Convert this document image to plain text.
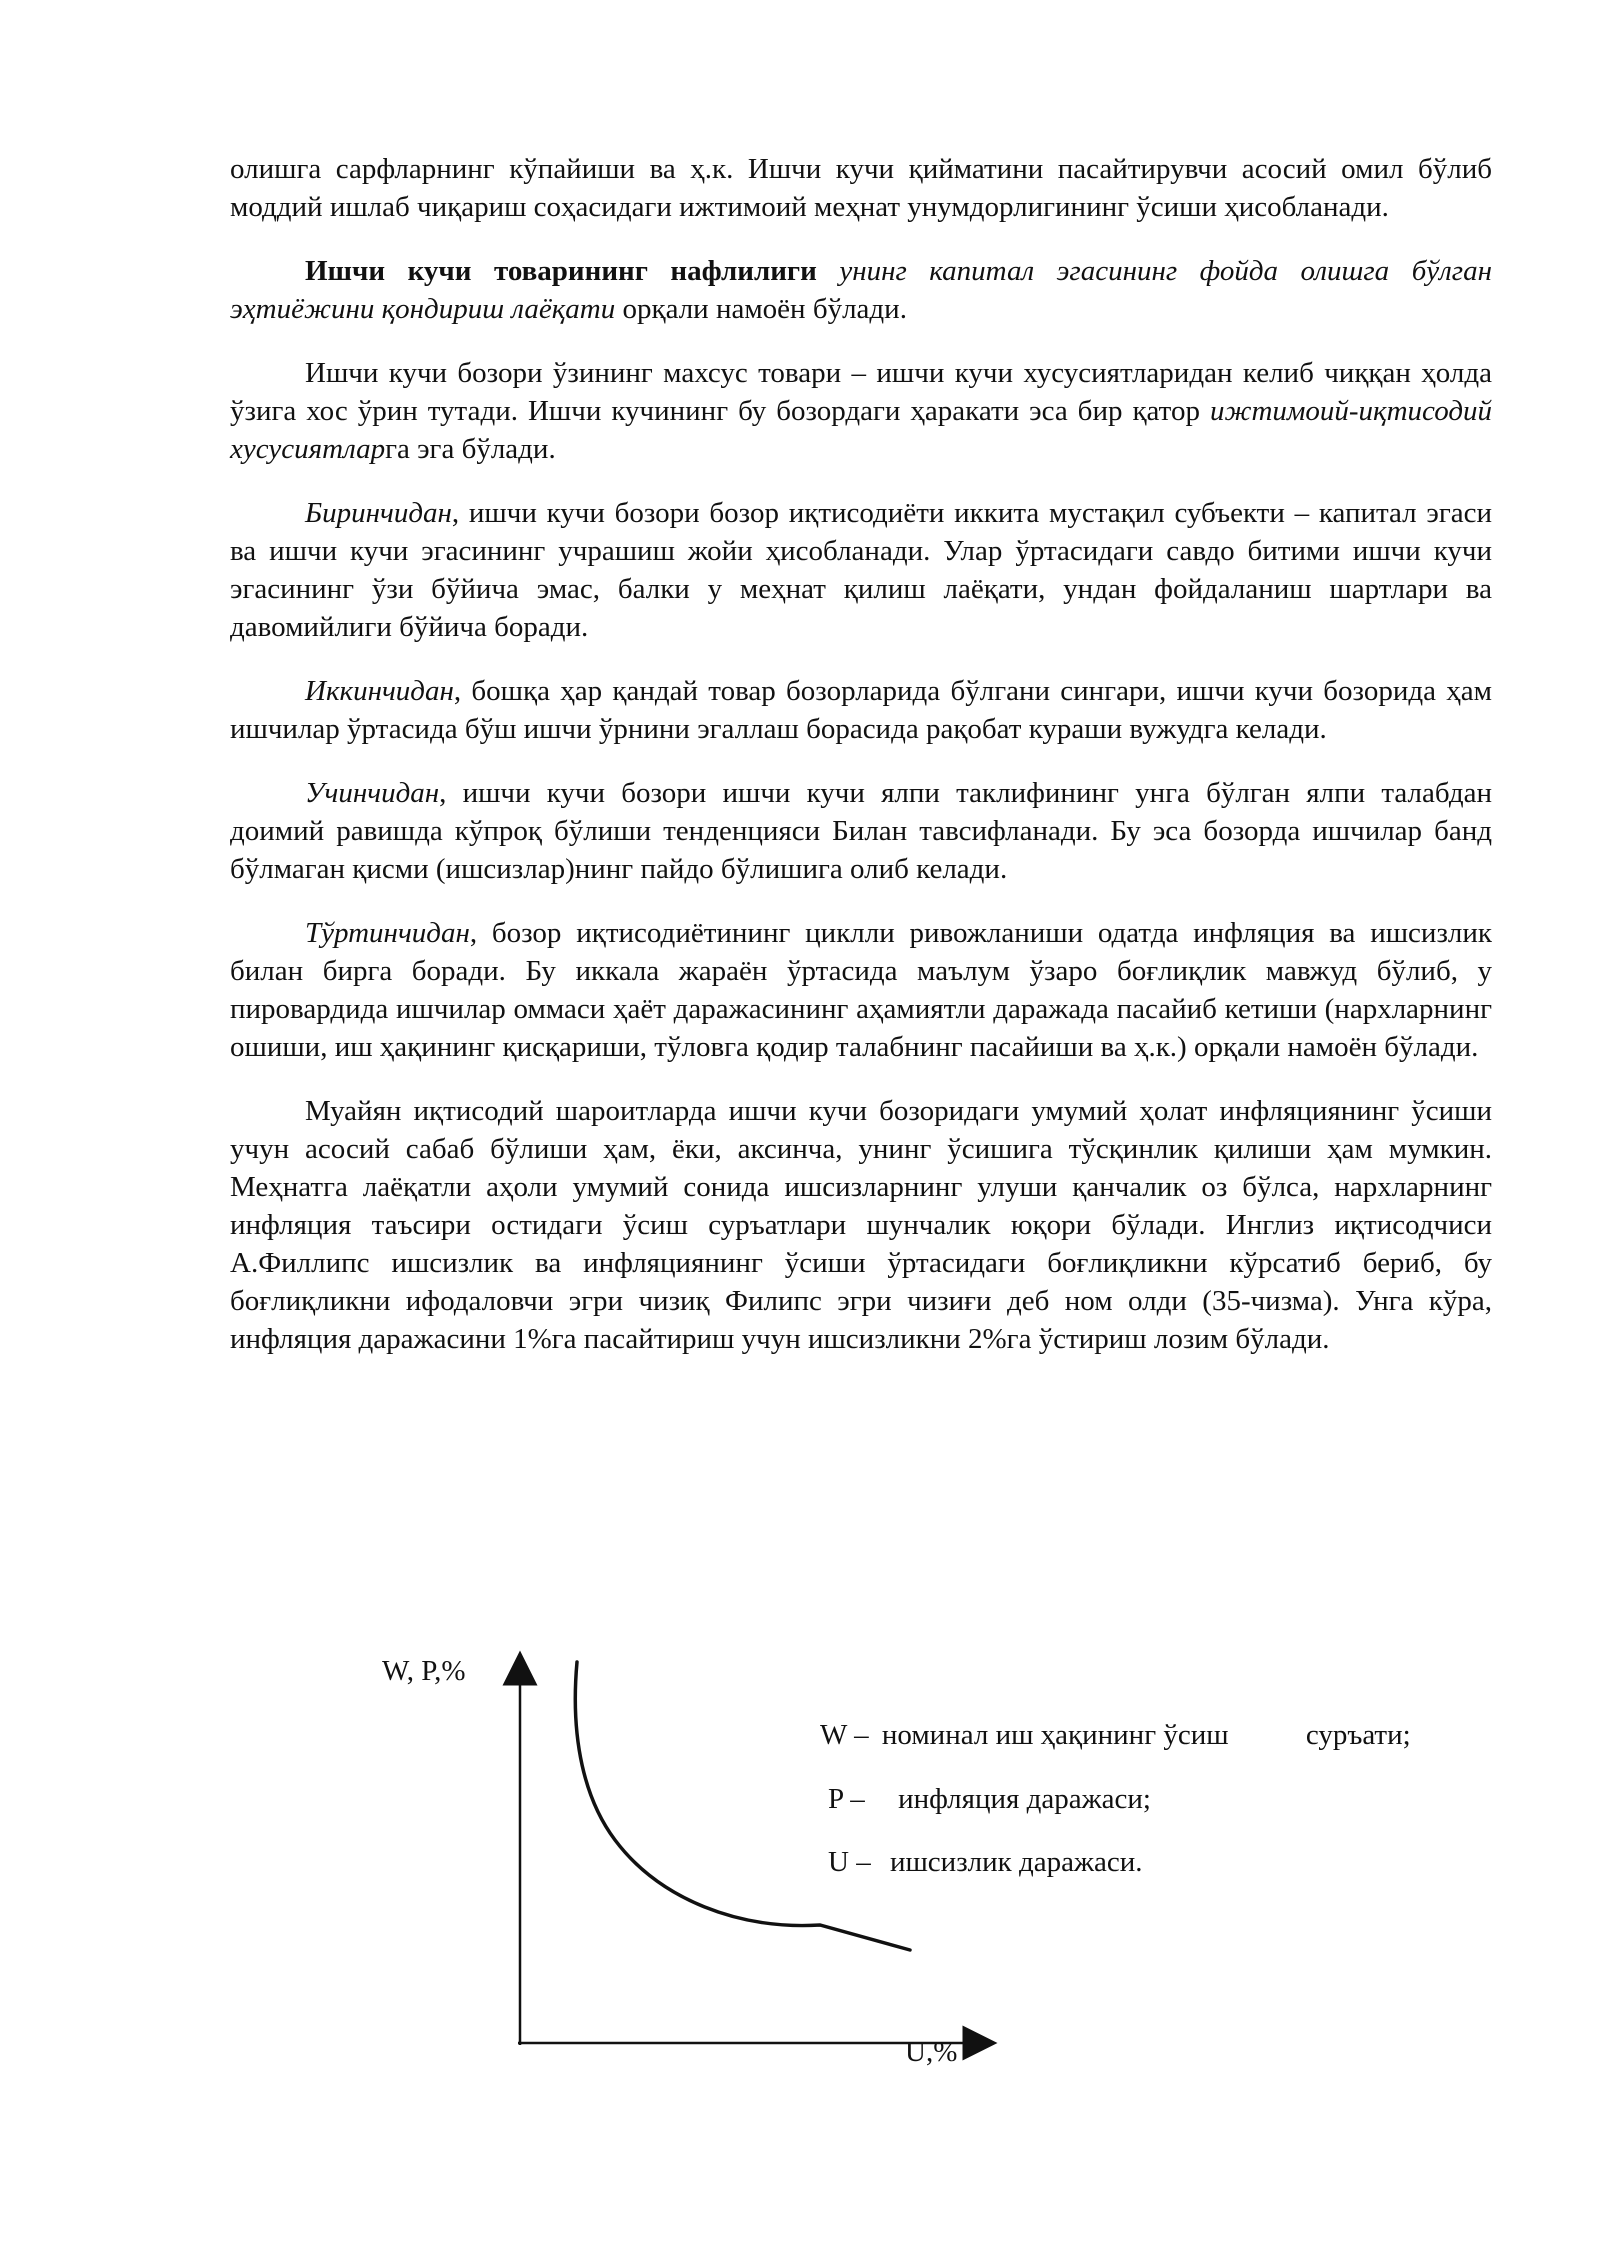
олишга сарфларнинг кўпайиши ва ҳ.к. Ишчи кучи қийматини пасайтирувчи асосий омил бўлиб моддий ишлаб чиқариш соҳасидаги ижтимоий меҳнат унумдорлигининг ўсиши ҳисобланади.

Ишчи кучи товарининг нафлилиги унинг капитал эгасининг фойда олишга бўлган эҳтиёжини қондириш лаёқати орқали намоён бўлади.

Ишчи кучи бозори ўзининг махсус товари – ишчи кучи хусусиятларидан келиб чиққан ҳолда ўзига хос ўрин тутади. Ишчи кучининг бу бозордаги ҳаракати эса бир қатор ижтимоий-иқтисодий хусусиятларга эга бўлади.

Биринчидан, ишчи кучи бозори бозор иқтисодиёти иккита мустақил субъекти – капитал эгаси ва ишчи кучи эгасининг учрашиш жойи ҳисобланади. Улар ўртасидаги савдо битими ишчи кучи эгасининг ўзи бўйича эмас, балки у меҳнат қилиш лаёқати, ундан фойдаланиш шартлари ва давомийлиги бўйича боради.

Иккинчидан, бошқа ҳар қандай товар бозорларида бўлгани сингари, ишчи кучи бозорида ҳам ишчилар ўртасида бўш ишчи ўрнини эгаллаш борасида рақобат кураши вужудга келади.

Учинчидан, ишчи кучи бозори ишчи кучи ялпи таклифининг унга бўлган ялпи талабдан доимий равишда кўпроқ бўлиши тенденцияси Билан тавсифланади. Бу эса бозорда ишчилар банд бўлмаган қисми (ишсизлар)нинг пайдо бўлишига олиб келади.

Тўртинчидан, бозор иқтисодиётининг циклли ривожланиши одатда инфляция ва ишсизлик билан бирга боради. Бу иккала жараён ўртасида маълум ўзаро боғлиқлик мавжуд бўлиб, у пировардида ишчилар оммаси ҳаёт даражасининг аҳамиятли даражада пасайиб кетиши (нархларнинг ошиши, иш ҳақининг қисқариши, тўловга қодир талабнинг пасайиши ва ҳ.к.) орқали намоён бўлади.

Муайян иқтисодий шароитларда ишчи кучи бозоридаги умумий ҳолат инфляциянинг ўсиши учун асосий сабаб бўлиши ҳам, ёки, аксинча, унинг ўсишига тўсқинлик қилиши ҳам мумкин. Меҳнатга лаёқатли аҳоли умумий сонида ишсизларнинг улуши қанчалик оз бўлса, нархларнинг инфляция таъсири остидаги ўсиш суръатлари шунчалик юқори бўлади. Инглиз иқтисодчиси А.Филлипс ишсизлик ва инфляциянинг ўсиши ўртасидаги боғлиқликни кўрсатиб бериб, бу боғлиқликни ифодаловчи эгри чизиқ Филипс эгри чизиғи деб ном олди (35-чизма). Унга кўра, инфляция даражасини 1%га пасайтириш учун ишсизликни 2%га ўстириш лозим бўлади.

W, P,%
U,%
W – номинал иш ҳақининг ўсиш	суръати;
P – инфляция даражаси;
U – ишсизлик даражаси.
